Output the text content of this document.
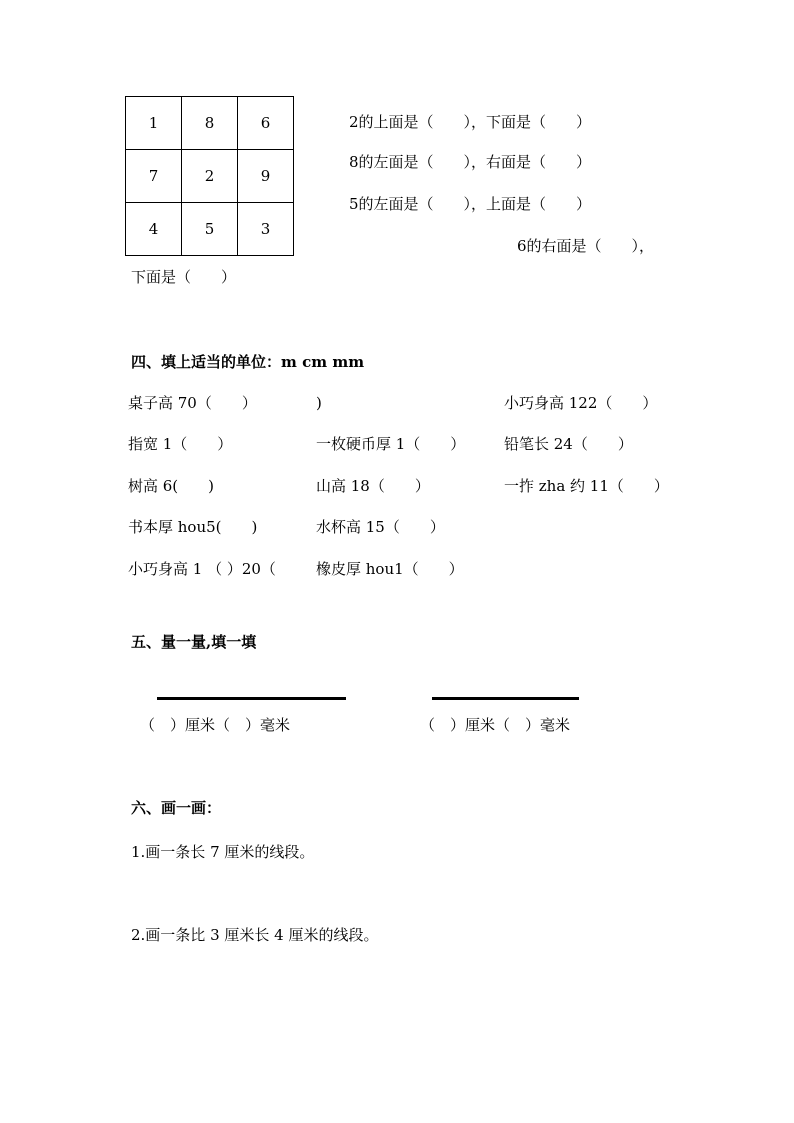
1	8	6
7	2	9
4	5	3
2的上面是（　　），下面是（　　）
8的左面是（　　），右面是（　　）
5的左面是（　　），上面是（　　）
6的右面是（　　），
下面是（　　）
四、填上适当的单位：m cm mm
桌子高 70（　　）	)	小巧身高 122（　　）
指宽 1（　　）	一枚硬币厚 1（　　）	铅笔长 24（　　）
树高 6(　　)	山高 18（　　）	一拃 zha 约 11（　　）
书本厚 hou5(　　)	水杯高 15（　　）
小巧身高 1 （ ）20（	橡皮厚 hou1（　　）
五、量一量,填一填
（　）厘米（　）毫米	（　）厘米（　）毫米
六、画一画：
1.画一条长 7 厘米的线段。
2.画一条比 3 厘米长 4 厘米的线段。
